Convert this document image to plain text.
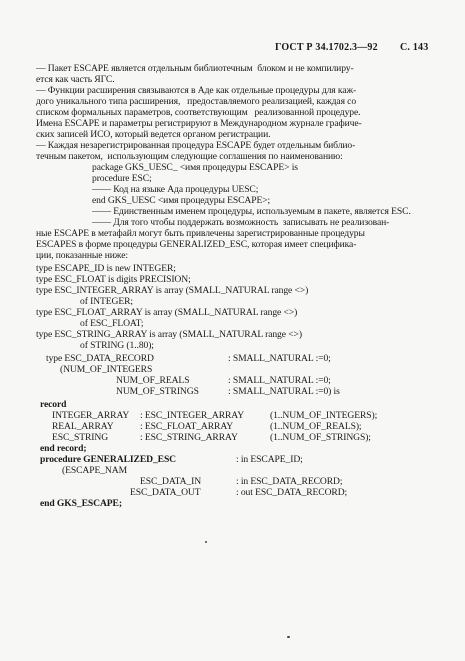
ГОСТ Р 34.1702.3—92 С. 143
— Пакет ESCAPE является отдельным библиотечным  блоком и не компилиру-
ется как часть ЯГС.
— Функции расширения связываются в Аде как отдельные процедуры для каж-
дого уникального типа расширения,   предоставляемого реализацией, каждая со
списком формальных параметров, соответствующим   реализованной процедуре.
Имена ESCAPE и параметры регистрируют в Международном журнале графиче-
ских записей ИСО, который ведется органом регистрации.
— Каждая незарегистрированная процедура ESCAPE будет отдельным библио-
течным пакетом,  использующим следующие соглашения по наименованию:
package GKS_UESC_ <имя процедуры ESCAPE> is
procedure ESC;
—— Код на языке Ада процедуры UESC;
end GKS_UESC <имя процедуры ESCAPE>;
—— Единственным именем процедуры, используемым в пакете, является ESC.
—— Для того чтобы поддержать возможность  записывать не реализован-
ные ESCAPE в метафайл могут быть привлечены зарегистрированные процедуры
ESCAPES в форме процедуры GENERALIZED_ESC, которая имеет специфика-
ции, показанные ниже:
type ESCAPE_ID is new INTEGER;
type ESC_FLOAT is digits PRECISION;
type ESC_INTEGER_ARRAY is array (SMALL_NATURAL range <>)
of INTEGER;
type ESC_FLOAT_ARRAY is array (SMALL_NATURAL range <>)
of ESC_FLOAT;
type ESC_STRING_ARRAY is array (SMALL_NATURAL range <>)
of STRING (1..80);
type ESC_DATA_RECORD	: SMALL_NATURAL :=0;
(NUM_OF_INTEGERS
NUM_OF_REALS	: SMALL_NATURAL :=0;
NUM_OF_STRINGS	: SMALL_NATURAL :=0) is
record
INTEGER_ARRAY : ESC_INTEGER_ARRAY	(1..NUM_OF_INTEGERS);
REAL_ARRAY	: ESC_FLOAT_ARRAY	(1..NUM_OF_REALS);
ESC_STRING	: ESC_STRING_ARRAY	(1..NUM_OF_STRINGS);
end record;
procedure GENERALIZED_ESC	: in ESCAPE_ID;
(ESCAPE_NAM
ESC_DATA_IN	: in ESC_DATA_RECORD;
ESC_DATA_OUT	: out ESC_DATA_RECORD;
end GKS_ESCAPE;
